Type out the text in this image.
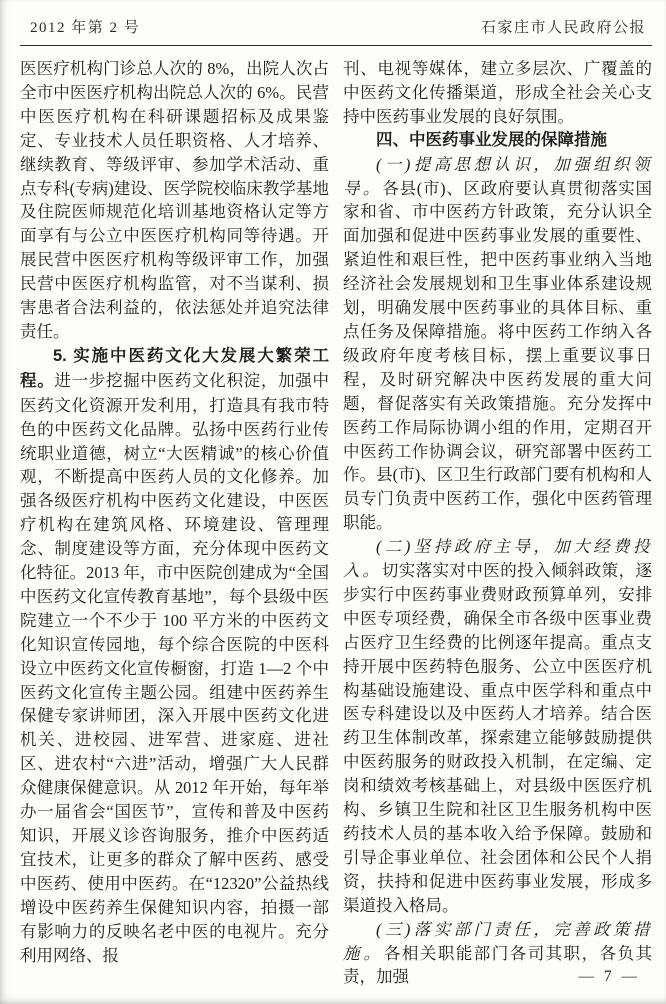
2012 年第 2 号	石家庄市人民政府公报

医医疗机构门诊总人次的 8%，出院人次占全市中医医疗机构出院总人次的 6%。民营中医医疗机构在科研课题招标及成果鉴定、专业技术人员任职资格、人才培养、继续教育、等级评审、参加学术活动、重点专科(专病)建设、医学院校临床教学基地及住院医师规范化培训基地资格认定等方面享有与公立中医医疗机构同等待遇。开展民营中医医疗机构等级评审工作，加强民营中医医疗机构监管，对不当谋利、损害患者合法利益的，依法惩处并追究法律责任。

5. 实施中医药文化大发展大繁荣工程。进一步挖掘中医药文化积淀，加强中医药文化资源开发利用，打造具有我市特色的中医药文化品牌。弘扬中医药行业传统职业道德，树立“大医精诚”的核心价值观，不断提高中医药人员的文化修养。加强各级医疗机构中医药文化建设，中医医疗机构在建筑风格、环境建设、管理理念、制度建设等方面，充分体现中医药文化特征。2013 年，市中医院创建成为“全国中医药文化宣传教育基地”，每个县级中医院建立一个不少于 100 平方米的中医药文化知识宣传园地，每个综合医院的中医科设立中医药文化宣传橱窗，打造 1—2 个中医药文化宣传主题公园。组建中医药养生保健专家讲师团，深入开展中医药文化进机关、进校园、进军营、进家庭、进社区、进农村“六进”活动，增强广大人民群众健康保健意识。从 2012 年开始，每年举办一届省会“国医节”，宣传和普及中医药知识，开展义诊咨询服务，推介中医药适宜技术，让更多的群众了解中医药、感受中医药、使用中医药。在“12320”公益热线增设中医药养生保健知识内容，拍摄一部有影响力的反映名老中医的电视片。充分利用网络、报

刊、电视等媒体，建立多层次、广覆盖的中医药文化传播渠道，形成全社会关心支持中医药事业发展的良好氛围。

四、中医药事业发展的保障措施

(一)提高思想认识，加强组织领导。各县(市)、区政府要认真贯彻落实国家和省、市中医药方针政策，充分认识全面加强和促进中医药事业发展的重要性、紧迫性和艰巨性，把中医药事业纳入当地经济社会发展规划和卫生事业体系建设规划，明确发展中医药事业的具体目标、重点任务及保障措施。将中医药工作纳入各级政府年度考核目标，摆上重要议事日程，及时研究解决中医药发展的重大问题，督促落实有关政策措施。充分发挥中医药工作局际协调小组的作用，定期召开中医药工作协调会议，研究部署中医药工作。县(市)、区卫生行政部门要有机构和人员专门负责中医药工作，强化中医药管理职能。

(二)坚持政府主导，加大经费投入。切实落实对中医的投入倾斜政策，逐步实行中医药事业费财政预算单列，安排中医专项经费，确保全市各级中医事业费占医疗卫生经费的比例逐年提高。重点支持开展中医药特色服务、公立中医医疗机构基础设施建设、重点中医学科和重点中医专科建设以及中医药人才培养。结合医药卫生体制改革，探索建立能够鼓励提供中医药服务的财政投入机制，在定编、定岗和绩效考核基础上，对县级中医医疗机构、乡镇卫生院和社区卫生服务机构中医药技术人员的基本收入给予保障。鼓励和引导企事业单位、社会团体和公民个人捐资，扶持和促进中医药事业发展，形成多渠道投入格局。

(三)落实部门责任，完善政策措施。各相关职能部门各司其职，各负其责，加强	— 7 —
